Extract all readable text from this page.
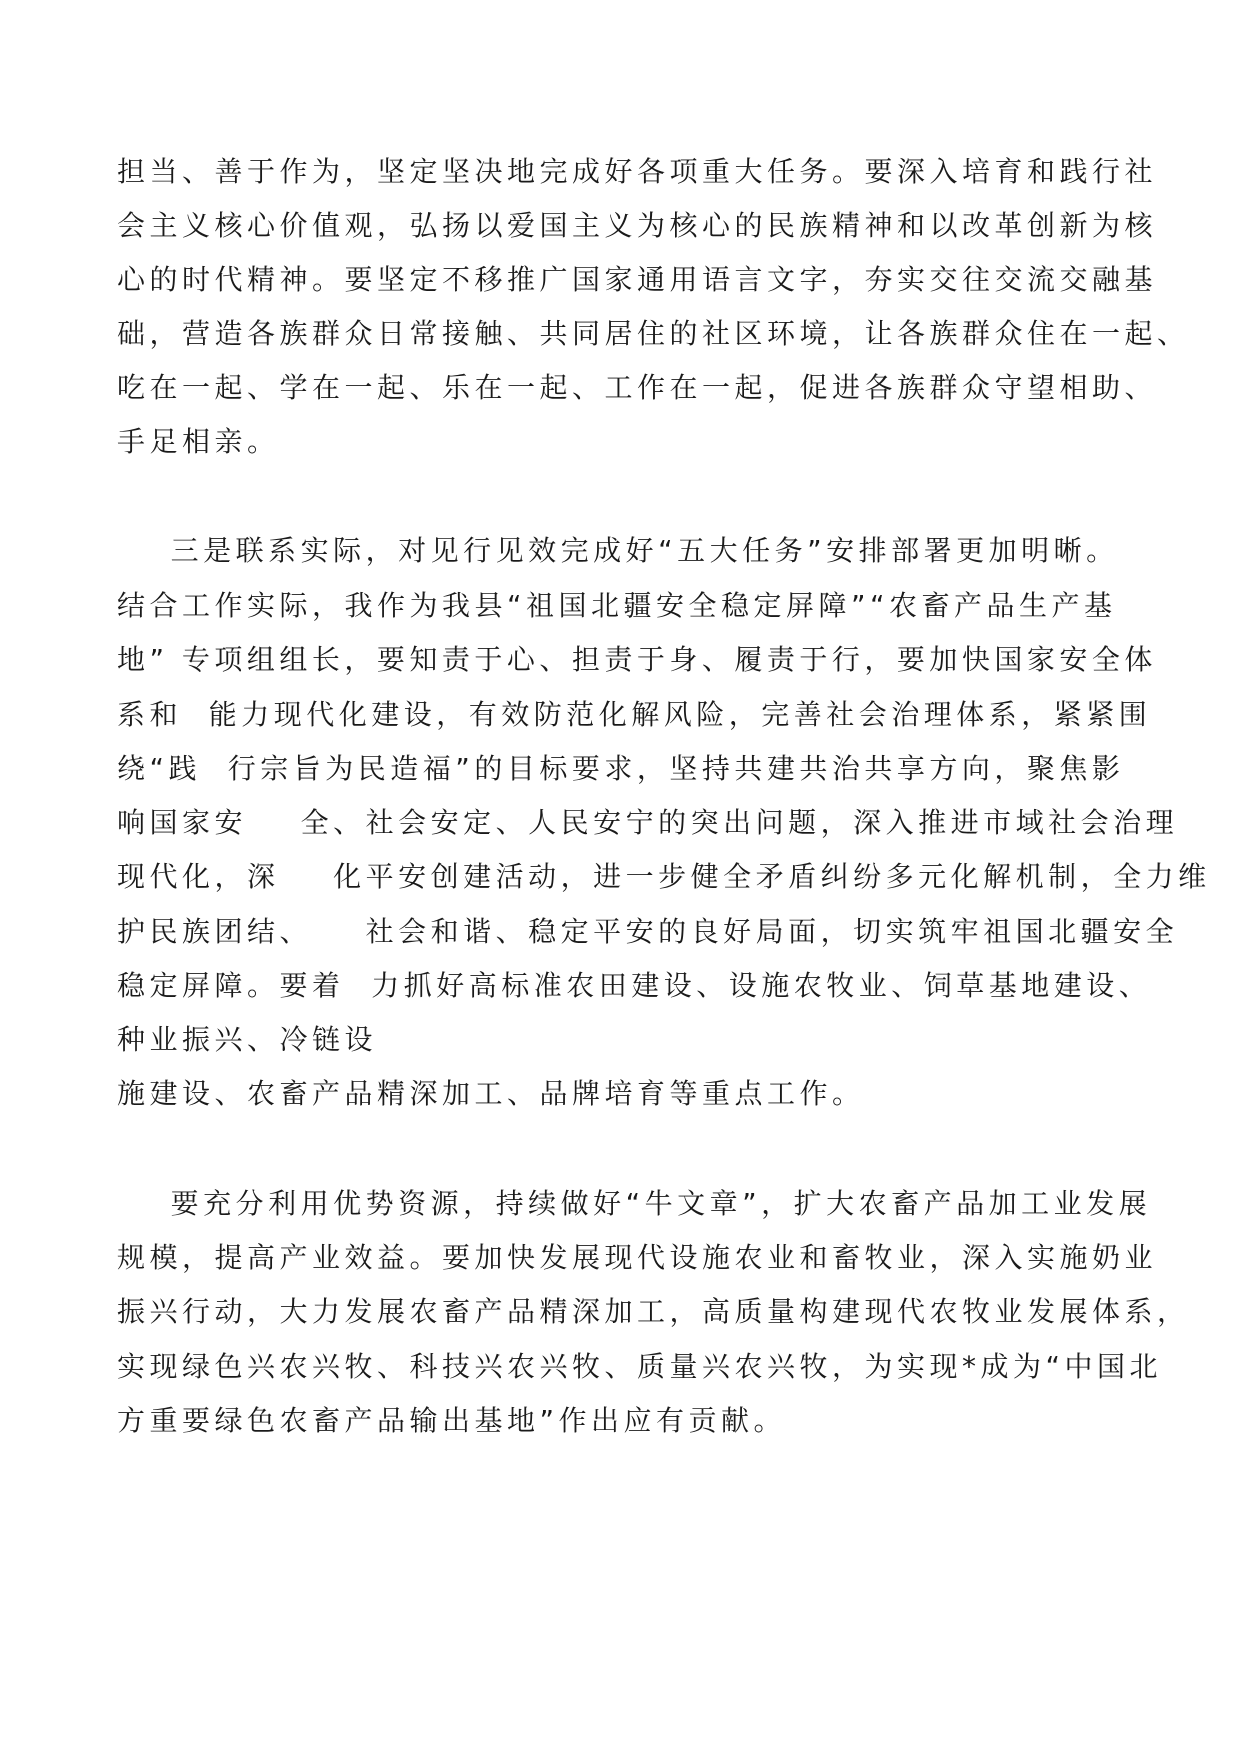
担当、善于作为，坚定坚决地完成好各项重大任务。要深入培育和践行社

会主义核心价值观，弘扬以爱国主义为核心的民族精神和以改革创新为核

心的时代精神。要坚定不移推广国家通用语言文字，夯实交往交流交融基

础，营造各族群众日常接触、共同居住的社区环境，让各族群众住在一起、

吃在一起、学在一起、乐在一起、工作在一起，促进各族群众守望相助、

手足相亲。

三是联系实际，对见行见效完成好“五大任务”安排部署更加明晰。

结合工作实际，我作为我县“祖国北疆安全稳定屏障”“农畜产品生产基

地” 专项组组长，要知责于心、担责于身、履责于行，要加快国家安全体

系和  能力现代化建设，有效防范化解风险，完善社会治理体系，紧紧围

绕“践  行宗旨为民造福”的目标要求，坚持共建共治共享方向，聚焦影

响国家安    全、社会安定、人民安宁的突出问题，深入推进市域社会治理

现代化，深    化平安创建活动，进一步健全矛盾纠纷多元化解机制，全力维

护民族团结、    社会和谐、稳定平安的良好局面，切实筑牢祖国北疆安全

稳定屏障。要着  力抓好高标准农田建设、设施农牧业、饲草基地建设、

种业振兴、冷链设

施建设、农畜产品精深加工、品牌培育等重点工作。

要充分利用优势资源，持续做好“牛文章”，扩大农畜产品加工业发展

规模，提高产业效益。要加快发展现代设施农业和畜牧业，深入实施奶业

振兴行动，大力发展农畜产品精深加工，高质量构建现代农牧业发展体系，

实现绿色兴农兴牧、科技兴农兴牧、质量兴农兴牧，为实现*成为“中国北

方重要绿色农畜产品输出基地”作出应有贡献。
